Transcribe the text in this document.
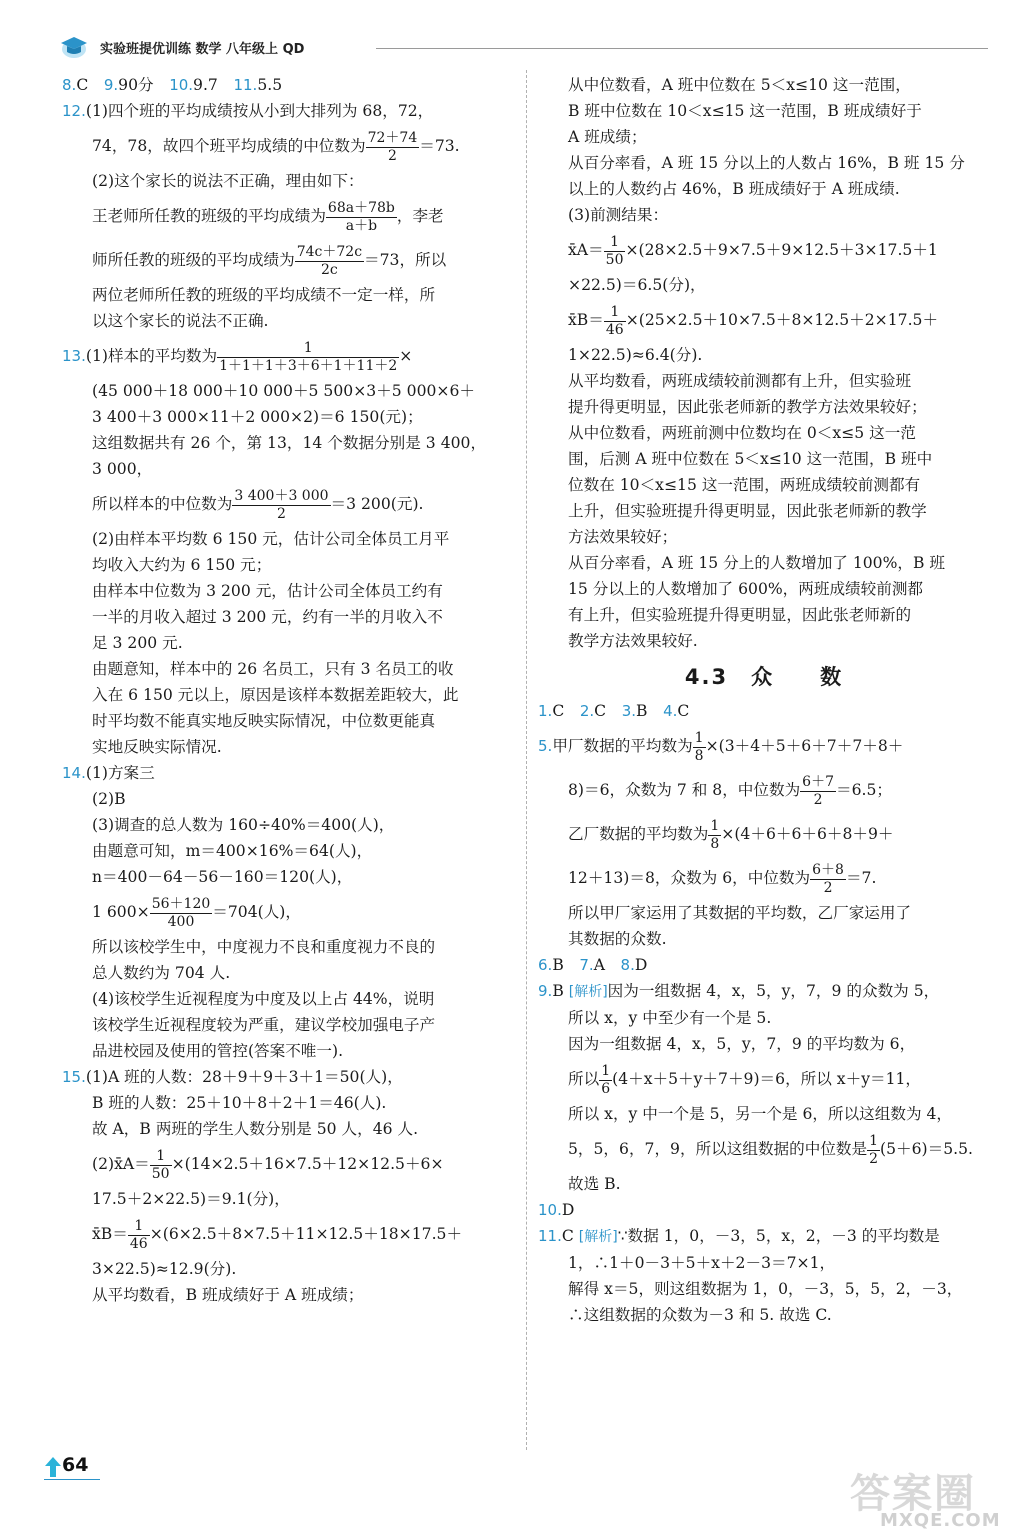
实验班提优训练 数学 八年级上 QD

8.C　9.90分　10.9.7　11.5.5

12.(1)四个班的平均成绩按从小到大排列为 68，72，

74，78，故四个班平均成绩的中位数为 $\frac{72+74}{2} =73$.

(2)这个家长的说法不正确，理由如下：

王老师所任教的班级的平均成绩为 $\frac{68a+78b}{a+b}$ ，李老

师所任教的班级的平均成绩为 $\frac{74c+72c}{2c} =73$，所以

两位老师所任教的班级的平均成绩不一定一样，所

以这个家长的说法不正确.

13.(1)样本的平均数为 $\frac{1}{1+1+1+3+6+1+11+2}$ ×

(45 000＋18 000＋10 000＋5 500×3＋5 000×6＋

3 400＋3 000×11＋2 000×2)＝6 150(元)；

这组数据共有 26 个，第 13，14 个数据分别是 3 400，

3 000，

所以样本的中位数为 $\frac{3 400+3 000}{2} =3$ 200(元).

(2)由样本平均数 6 150 元，估计公司全体员工月平

均收入大约为 6 150 元；

由样本中位数为 3 200 元，估计公司全体员工约有

一半的月收入超过 3 200 元，约有一半的月收入不

足 3 200 元.

由题意知，样本中的 26 名员工，只有 3 名员工的收

入在 6 150 元以上，原因是该样本数据差距较大，此

时平均数不能真实地反映实际情况，中位数更能真

实地反映实际情况.

14.(1)方案三

(2)B

(3)调查的总人数为 160÷40%＝400(人)，

由题意可知，m＝400×16%＝64(人)，

n＝400－64－56－160＝120(人)，

1 $600\times \frac{56+120}{400} =704$(人)，

所以该校学生中，中度视力不良和重度视力不良的

总人数约为 704 人.

(4)该校学生近视程度为中度及以上占 44%，说明

该校学生近视程度较为严重，建议学校加强电子产

品进校园及使用的管控(答案不唯一).

15.(1)A 班的人数：28＋9＋9＋3＋1＝50(人)，

B 班的人数：25＋10＋8＋2＋1＝46(人).

故 A，B 两班的学生人数分别是 50 人，46 人.

(2)x̄A＝ $\frac{1}{50} \times(14\times 2.5+16\times 7.5+12\times 12.5+6\times$

17.5＋2×22.5)＝9.1(分)，

x̄B＝ $\frac{1}{46} \times(6\times 2.5+8\times 7.5+11\times 12.5+18\times 17.5+$

3×22.5)≈12.9(分).

从平均数看，B 班成绩好于 A 班成绩；

从中位数看，A 班中位数在 5＜x≤10 这一范围，

B 班中位数在 10＜x≤15 这一范围，B 班成绩好于

A 班成绩；

从百分率看，A 班 15 分以上的人数占 16%，B 班 15 分

以上的人数约占 46%，B 班成绩好于 A 班成绩.

(3)前测结果：

x̄A＝ $\frac{1}{50} \times(28\times 2.5+9\times 7.5+9\times 12.5+3\times 17.5+1$

×22.5)＝6.5(分)，

x̄B＝ $\frac{1}{46} \times(25\times 2.5+10\times 7.5+8\times 12.5+2\times 17.5+$

1×22.5)≈6.4(分).

从平均数看，两班成绩较前测都有上升，但实验班

提升得更明显，因此张老师新的教学方法效果较好；

从中位数看，两班前测中位数均在 0＜x≤5 这一范

围，后测 A 班中位数在 5＜x≤10 这一范围，B 班中

位数在 10＜x≤15 这一范围，两班成绩较前测都有

上升，但实验班提升得更明显，因此张老师新的教学

方法效果较好；

从百分率看，A 班 15 分上的人数增加了 100%，B 班

15 分以上的人数增加了 600%，两班成绩较前测都

有上升，但实验班提升得更明显，因此张老师新的

教学方法效果较好.

4.3　众　　数

1.C　2.C　3.B　4.C

5.甲厂数据的平均数为 $\frac{1}{8} \times(3+4+5+6+7+7+8+$

8)＝6，众数为 7 和 8，中位数为 $\frac{6+7}{2} =6.5$；

乙厂数据的平均数为 $\frac{1}{8} \times(4+6+6+6+8+9+$

12＋13)＝8，众数为 6，中位数为 $\frac{6+8}{2} =7$.

所以甲厂家运用了其数据的平均数，乙厂家运用了

其数据的众数.

6.B　7.A　8.D

9.B [解析]因为一组数据 4，x，5，y，7，9 的众数为 5，

所以 x，y 中至少有一个是 5.

因为一组数据 4，x，5，y，7，9 的平均数为 6，

所以 $\frac{1}{6} (4+x+5+y+7+9)=6$，所以 x＋y＝11，

所以 x，y 中一个是 5，另一个是 6，所以这组数为 4，

5，5，6，7，9，所以这组数据的中位数是 $\frac{1}{2} (5+6)=5.5$.

故选 B.

10.D

11.C [解析]∵数据 1，0，－3，5，x，2，－3 的平均数是

1，∴1＋0－3＋5＋x＋2－3＝7×1，

解得 x＝5，则这组数据为 1，0，－3，5，5，2，－3，

∴这组数据的众数为－3 和 5. 故选 C.

64
答案圈
MXQE.COM
